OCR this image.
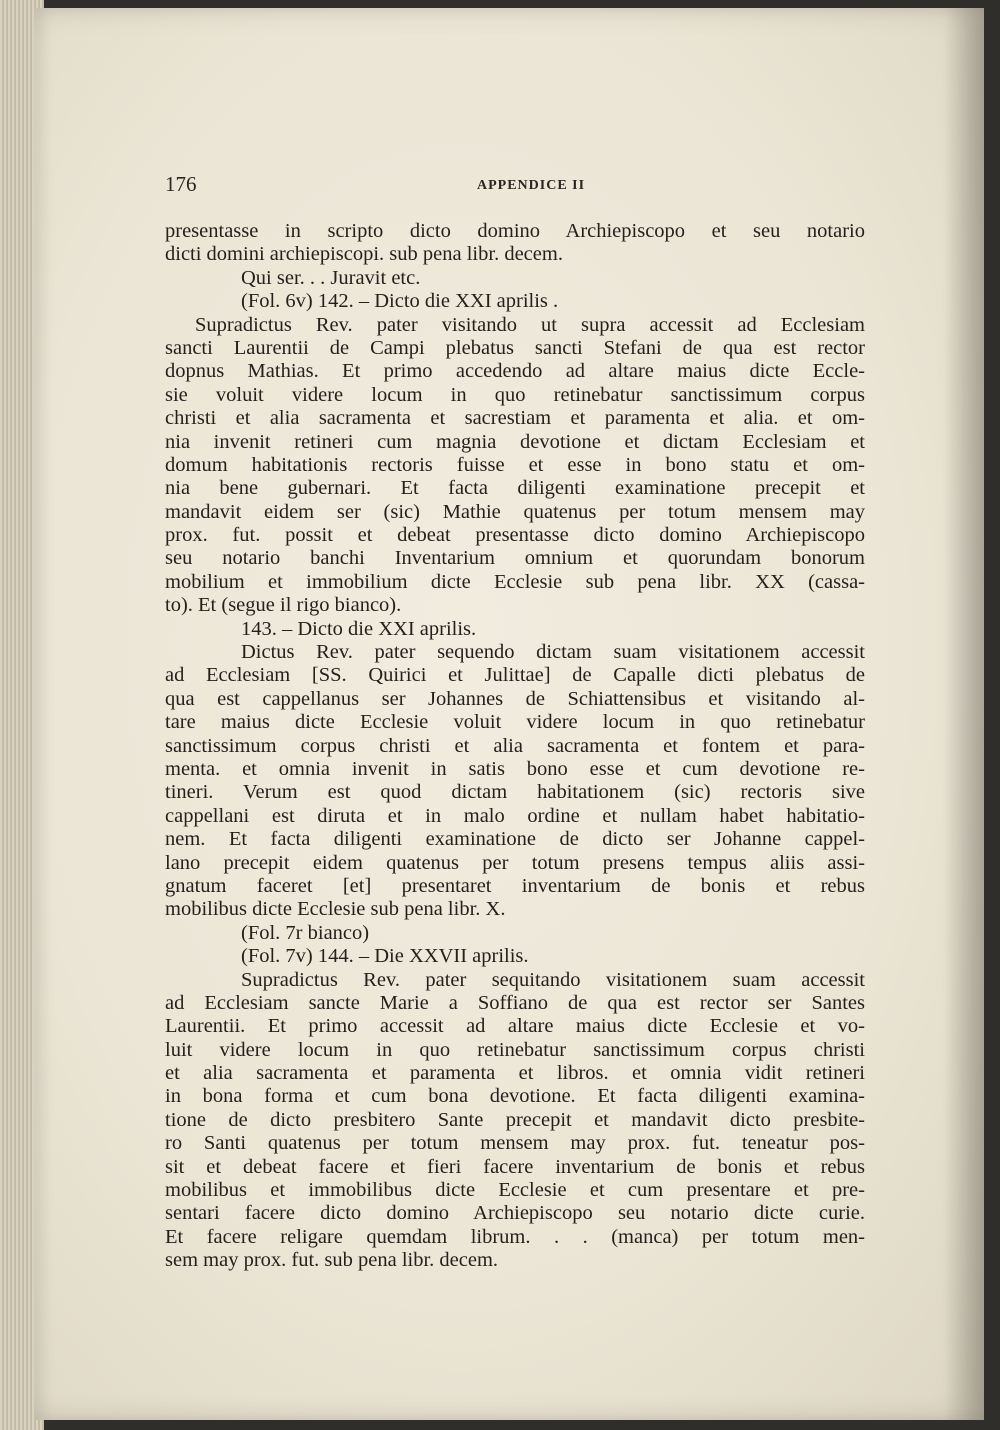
176	APPENDICE II
presentasse in scripto dicto domino Archiepiscopo et seu notario
dicti domini archiepiscopi. sub pena libr. decem.
Qui ser. . . Juravit etc.
(Fol. 6v) 142. – Dicto die XXI aprilis .
Supradictus Rev. pater visitando ut supra accessit ad Ecclesiam
sancti Laurentii de Campi plebatus sancti Stefani de qua est rector
dopnus Mathias. Et primo accedendo ad altare maius dicte Eccle-
sie voluit videre locum in quo retinebatur sanctissimum corpus
christi et alia sacramenta et sacrestiam et paramenta et alia. et om-
nia invenit retineri cum magnia devotione et dictam Ecclesiam et
domum habitationis rectoris fuisse et esse in bono statu et om-
nia bene gubernari. Et facta diligenti examinatione precepit et
mandavit eidem ser (sic) Mathie quatenus per totum mensem may
prox. fut. possit et debeat presentasse dicto domino Archiepiscopo
seu notario banchi Inventarium omnium et quorundam bonorum
mobilium et immobilium dicte Ecclesie sub pena libr. XX (cassa-
to). Et (segue il rigo bianco).
143. – Dicto die XXI aprilis.
Dictus Rev. pater sequendo dictam suam visitationem accessit
ad Ecclesiam [SS. Quirici et Julittae] de Capalle dicti plebatus de
qua est cappellanus ser Johannes de Schiattensibus et visitando al-
tare maius dicte Ecclesie voluit videre locum in quo retinebatur
sanctissimum corpus christi et alia sacramenta et fontem et para-
menta. et omnia invenit in satis bono esse et cum devotione re-
tineri. Verum est quod dictam habitationem (sic) rectoris sive
cappellani est diruta et in malo ordine et nullam habet habitatio-
nem. Et facta diligenti examinatione de dicto ser Johanne cappel-
lano precepit eidem quatenus per totum presens tempus aliis assi-
gnatum faceret [et] presentaret inventarium de bonis et rebus
mobilibus dicte Ecclesie sub pena libr. X.
(Fol. 7r bianco)
(Fol. 7v) 144. – Die XXVII aprilis.
Supradictus Rev. pater sequitando visitationem suam accessit
ad Ecclesiam sancte Marie a Soffiano de qua est rector ser Santes
Laurentii. Et primo accessit ad altare maius dicte Ecclesie et vo-
luit videre locum in quo retinebatur sanctissimum corpus christi
et alia sacramenta et paramenta et libros. et omnia vidit retineri
in bona forma et cum bona devotione. Et facta diligenti examina-
tione de dicto presbitero Sante precepit et mandavit dicto presbite-
ro Santi quatenus per totum mensem may prox. fut. teneatur pos-
sit et debeat facere et fieri facere inventarium de bonis et rebus
mobilibus et immobilibus dicte Ecclesie et cum presentare et pre-
sentari facere dicto domino Archiepiscopo seu notario dicte curie.
Et facere religare quemdam librum. . . (manca) per totum men-
sem may prox. fut. sub pena libr. decem.
